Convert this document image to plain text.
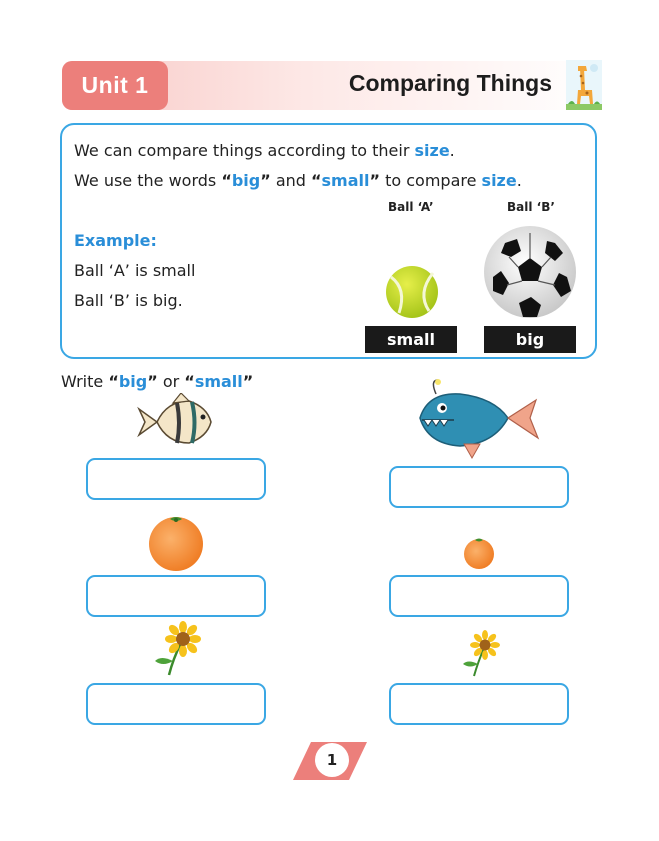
Unit 1	Comparing Things
We can compare things according to their size.
We use the words “big” and “small” to compare size.
Example:
Ball ‘A’ is small
Ball ‘B’ is big.
Ball ‘A’	Ball ‘B’
small	big
Write “big” or “small”
1
